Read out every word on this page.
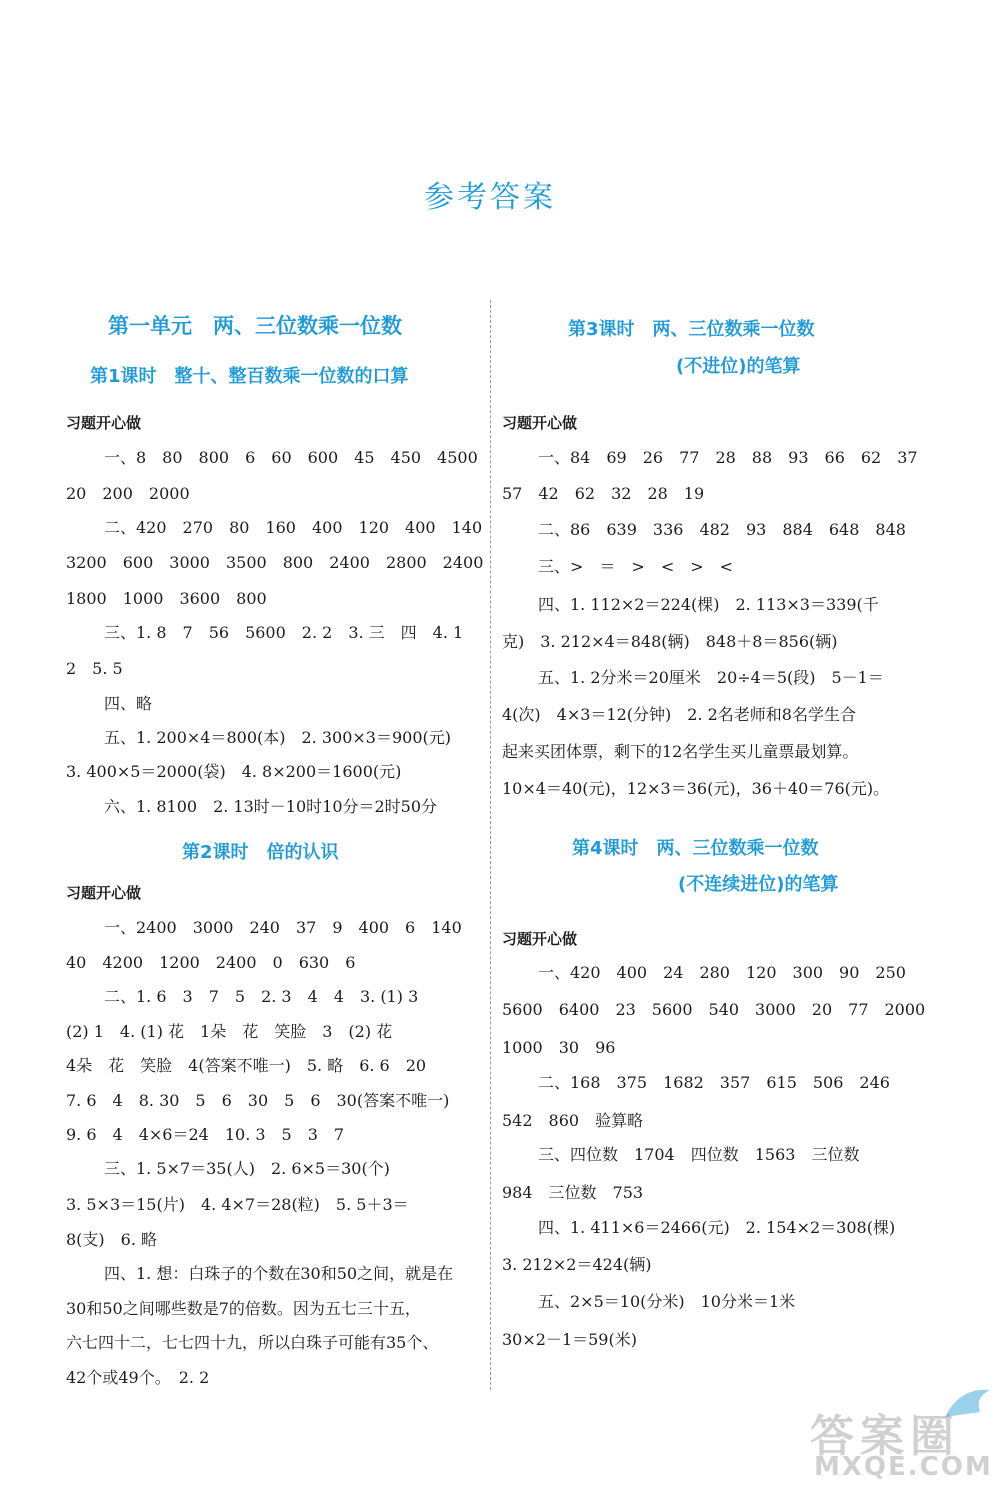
参考答案
第一单元　两、三位数乘一位数
第1课时　整十、整百数乘一位数的口算
习题开心做
一、8　80　800　6　60　600　45　450　4500
20　200　2000
二、420　270　80　160　400　120　400　140
3200　600　3000　3500　800　2400　2800　2400
1800　1000　3600　800
三、1. 8　7　56　5600　2. 2　3. 三　四　4. 1
2　5. 5
四、略
五、1. 200×4＝800(本)　2. 300×3＝900(元)
3. 400×5＝2000(袋)　4. 8×200＝1600(元)
六、1. 8100　2. 13时－10时10分＝2时50分
第2课时　倍的认识
习题开心做
一、2400　3000　240　37　9　400　6　140
40　4200　1200　2400　0　630　6
二、1. 6　3　7　5　2. 3　4　4　3. (1) 3
(2) 1　4. (1) 花　1朵　花　笑脸　3　(2) 花
4朵　花　笑脸　4(答案不唯一)　5. 略　6. 6　20
7. 6　4　8. 30　5　6　30　5　6　30(答案不唯一)
9. 6　4　4×6＝24　10. 3　5　3　7
三、1. 5×7＝35(人)　2. 6×5＝30(个)
3. 5×3＝15(片)　4. 4×7＝28(粒)　5. 5＋3＝
8(支)　6. 略
四、1. 想：白珠子的个数在30和50之间，就是在
30和50之间哪些数是7的倍数。因为五七三十五，
六七四十二，七七四十九，所以白珠子可能有35个、
42个或49个。　2. 2
第3课时　两、三位数乘一位数
(不进位)的笔算
习题开心做
一、84　69　26　77　28　88　93　66　62　37
57　42　62　32　28　19
二、86　639　336　482　93　884　648　848
三、>　＝　>　<　>　<
四、1. 112×2＝224(棵)　2. 113×3＝339(千
克)　3. 212×4＝848(辆)　848＋8＝856(辆)
五、1. 2分米＝20厘米　20÷4＝5(段)　5－1＝
4(次)　4×3＝12(分钟)　2. 2名老师和8名学生合
起来买团体票，剩下的12名学生买儿童票最划算。
10×4＝40(元)，12×3＝36(元)，36＋40＝76(元)。
第4课时　两、三位数乘一位数
(不连续进位)的笔算
习题开心做
一、420　400　24　280　120　300　90　250
5600　6400　23　5600　540　3000　20　77　2000
1000　30　96
二、168　375　1682　357　615　506　246
542　860　验算略
三、四位数　1704　四位数　1563　三位数
984　三位数　753
四、1. 411×6＝2466(元)　2. 154×2＝308(棵)
3. 212×2＝424(辆)
五、2×5＝10(分米)　10分米＝1米
30×2－1＝59(米)
答案圈
MXQE.COM
